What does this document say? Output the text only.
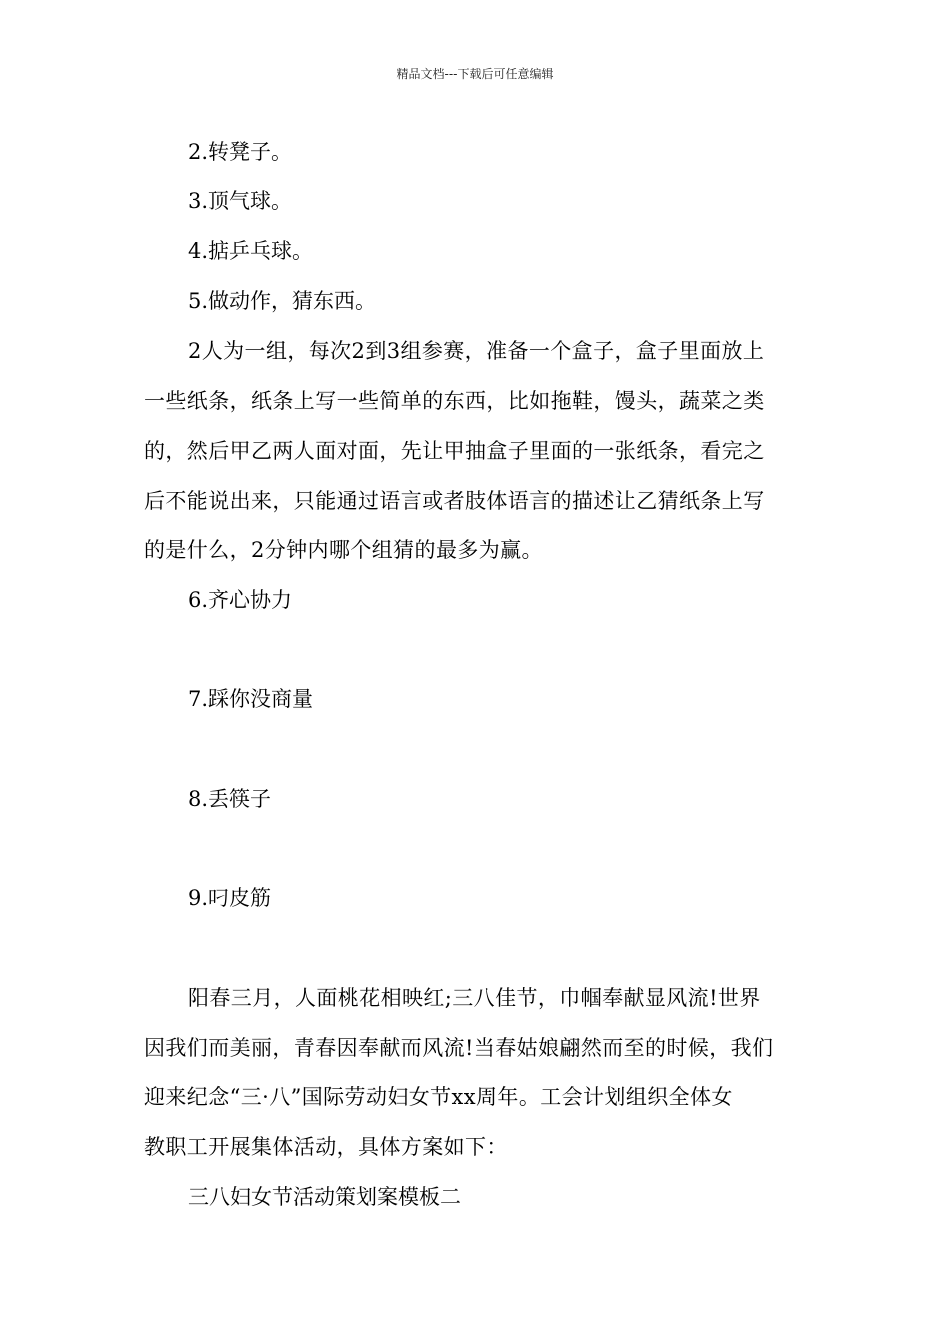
精品文档---下载后可任意编辑
2.转凳子。
3.顶气球。
4.掂乒乓球。
5.做动作，猜东西。
2人为一组，每次2到3组参赛，准备一个盒子，盒子里面放上
一些纸条，纸条上写一些简单的东西，比如拖鞋，馒头，蔬菜之类
的，然后甲乙两人面对面，先让甲抽盒子里面的一张纸条，看完之
后不能说出来，只能通过语言或者肢体语言的描述让乙猜纸条上写
的是什么，2分钟内哪个组猜的最多为赢。
6.齐心协力
7.踩你没商量
8.丢筷子
9.叼皮筋
阳春三月，人面桃花相映红;三八佳节，巾帼奉献显风流!世界
因我们而美丽，青春因奉献而风流!当春姑娘翩然而至的时候，我们
迎来纪念“三·八”国际劳动妇女节xx周年。工会计划组织全体女
教职工开展集体活动，具体方案如下：
三八妇女节活动策划案模板二
